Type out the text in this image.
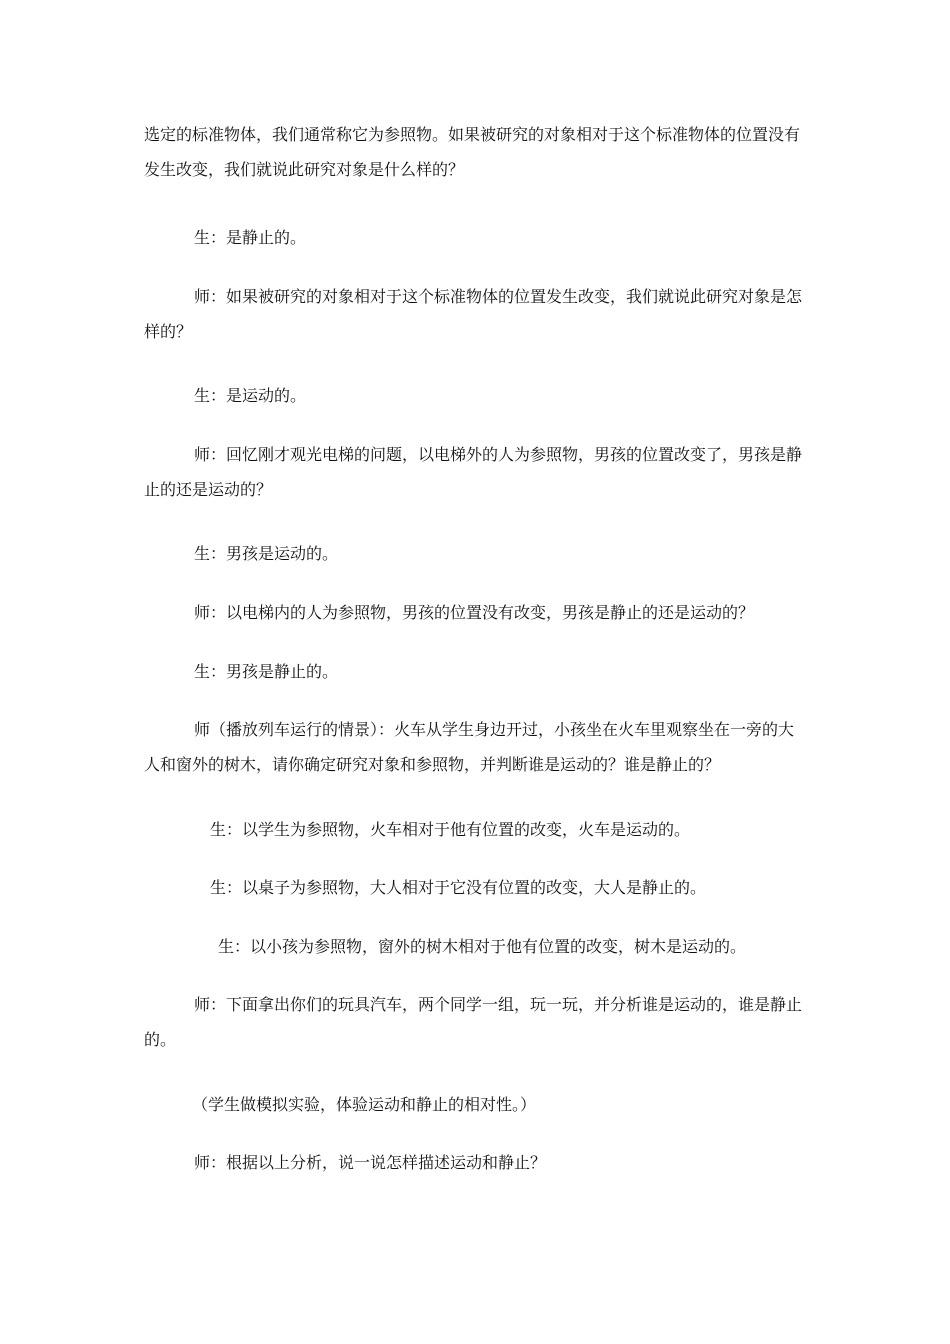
选定的标准物体，我们通常称它为参照物。如果被研究的对象相对于这个标准物体的位置没有发生改变，我们就说此研究对象是什么样的？

生：是静止的。

师：如果被研究的对象相对于这个标准物体的位置发生改变，我们就说此研究对象是怎样的？

生：是运动的。

师：回忆刚才观光电梯的问题，以电梯外的人为参照物，男孩的位置改变了，男孩是静止的还是运动的？

生：男孩是运动的。

师：以电梯内的人为参照物，男孩的位置没有改变，男孩是静止的还是运动的？

生：男孩是静止的。

师（播放列车运行的情景）：火车从学生身边开过，小孩坐在火车里观察坐在一旁的大人和窗外的树木，请你确定研究对象和参照物，并判断谁是运动的？谁是静止的？

生：以学生为参照物，火车相对于他有位置的改变，火车是运动的。

生：以桌子为参照物，大人相对于它没有位置的改变，大人是静止的。

生：以小孩为参照物，窗外的树木相对于他有位置的改变，树木是运动的。

师：下面拿出你们的玩具汽车，两个同学一组，玩一玩，并分析谁是运动的，谁是静止的。

（学生做模拟实验，体验运动和静止的相对性。）

师：根据以上分析，说一说怎样描述运动和静止？
